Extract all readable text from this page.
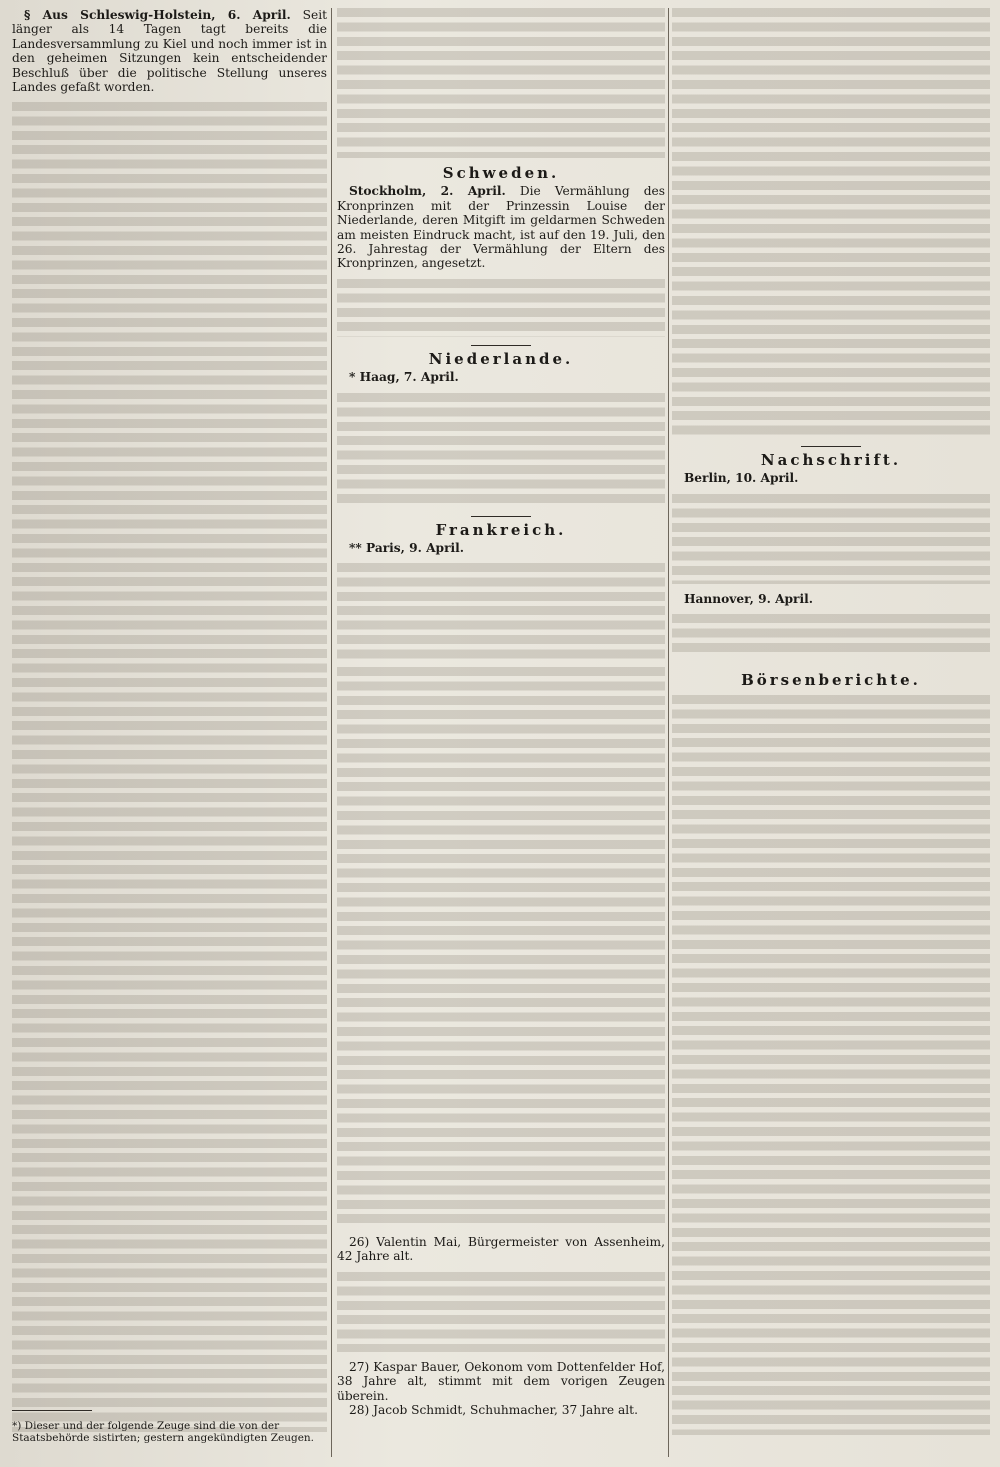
§ Aus Schleswig-Holstein, 6. April. Seit länger als 14 Tagen tagt bereits die Landesversammlung zu Kiel und noch immer ist in den geheimen Sitzungen kein entscheidender Beschluß über die politische Stellung unseres Landes gefaßt worden.

*) Dieser und der folgende Zeuge sind die von der Staatsbehörde sistirten; gestern angekündigten Zeugen.
Schweden.

Stockholm, 2. April. Die Vermählung des Kronprinzen mit der Prinzessin Louise der Niederlande, deren Mitgift im geldarmen Schweden am meisten Eindruck macht, ist auf den 19. Juli, den 26. Jahrestag der Vermählung der Eltern des Kronprinzen, angesetzt.

Niederlande.

* Haag, 7. April.

Frankreich.

** Paris, 9. April.

Nachschrift.

Berlin, 10. April.

Hannover, 9. April.

26) Valentin Mai, Bürgermeister von Assenheim, 42 Jahre alt.

27) Kaspar Bauer, Oekonom vom Dottenfelder Hof, 38 Jahre alt, stimmt mit dem vorigen Zeugen überein.

28) Jacob Schmidt, Schuhmacher, 37 Jahre alt.

Börsenberichte.
